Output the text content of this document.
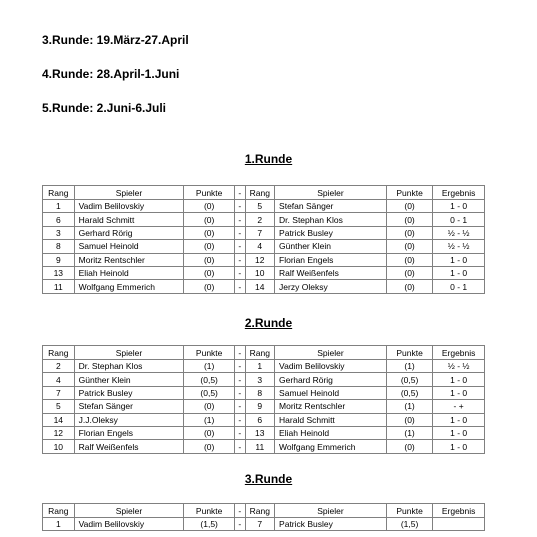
3.Runde: 19.März-27.April

4.Runde: 28.April-1.Juni

5.Runde: 2.Juni-6.Juli

1.Runde

Rang	Spieler	Punkte	-	Rang	Spieler	Punkte	Ergebnis
1	Vadim Belilovskiy	(0)	-	5	Stefan Sänger	(0)	1 - 0
6	Harald Schmitt	(0)	-	2	Dr. Stephan Klos	(0)	0 - 1
3	Gerhard Rörig	(0)	-	7	Patrick Busley	(0)	½ - ½
8	Samuel Heinold	(0)	-	4	Günther Klein	(0)	½ - ½
9	Moritz Rentschler	(0)	-	12	Florian Engels	(0)	1 - 0
13	Eliah Heinold	(0)	-	10	Ralf Weißenfels	(0)	1 - 0
11	Wolfgang Emmerich	(0)	-	14	Jerzy Oleksy	(0)	0 - 1

2.Runde

Rang	Spieler	Punkte	-	Rang	Spieler	Punkte	Ergebnis
2	Dr. Stephan Klos	(1)	-	1	Vadim Belilovskiy	(1)	½ - ½
4	Günther Klein	(0,5)	-	3	Gerhard Rörig	(0,5)	1 - 0
7	Patrick Busley	(0,5)	-	8	Samuel Heinold	(0,5)	1 - 0
5	Stefan Sänger	(0)	-	9	Moritz Rentschler	(1)	- +
14	J.J.Oleksy	(1)	-	6	Harald Schmitt	(0)	1 - 0
12	Florian Engels	(0)	-	13	Eliah Heinold	(1)	1 - 0
10	Ralf Weißenfels	(0)	-	11	Wolfgang Emmerich	(0)	1 - 0

3.Runde

Rang	Spieler	Punkte	-	Rang	Spieler	Punkte	Ergebnis
1	Vadim Belilovskiy	(1,5)	-	7	Patrick Busley	(1,5)	
